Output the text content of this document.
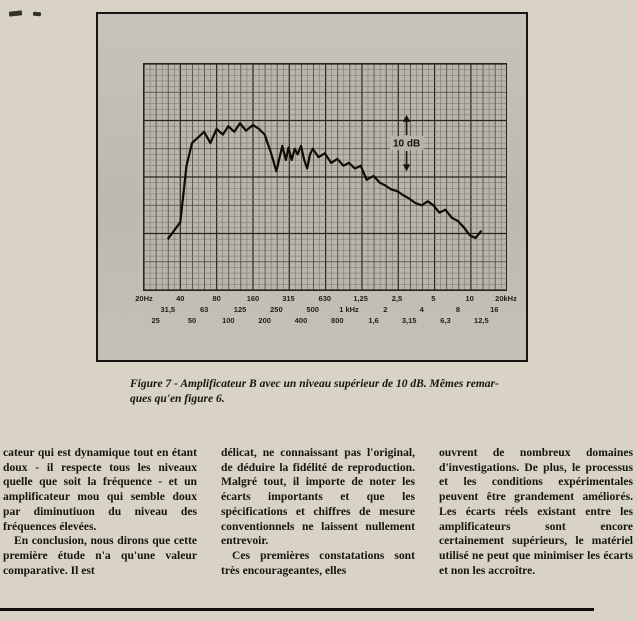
10 dB
20Hz	40	80	160	315	630	1,25	2,5	5	10	20kHz
31,5	63	125	250	500	1 kHz	2	4	8	16
25	50	100	200	400	800	1,6	3,15	6,3	12,5
Figure 7 - Amplificateur B avec un niveau supérieur de 10 dB. Mêmes remar-
ques qu'en figure 6.

cateur qui est dynamique tout en étant doux - il respecte tous les niveaux quelle que soit la fréquence - et un amplificateur mou qui semble doux par diminutiuon du niveau des fréquences élevées.

En conclusion, nous dirons que cette première étude n'a qu'une valeur comparative. Il est

délicat, ne connaissant pas l'original, de déduire la fidélité de reproduction. Malgré tout, il importe de noter les écarts importants et que les spécifications et chiffres de mesure conventionnels ne laissent nullement entrevoir.

Ces premières constatations sont très encourageantes, elles

ouvrent de nombreux domaines d'investigations. De plus, le processus et les conditions expérimentales peuvent être grandement améliorés. Les écarts réels existant entre les amplificateurs sont encore certainement supérieurs, le matériel utilisé ne peut que minimiser les écarts et non les accroître.
